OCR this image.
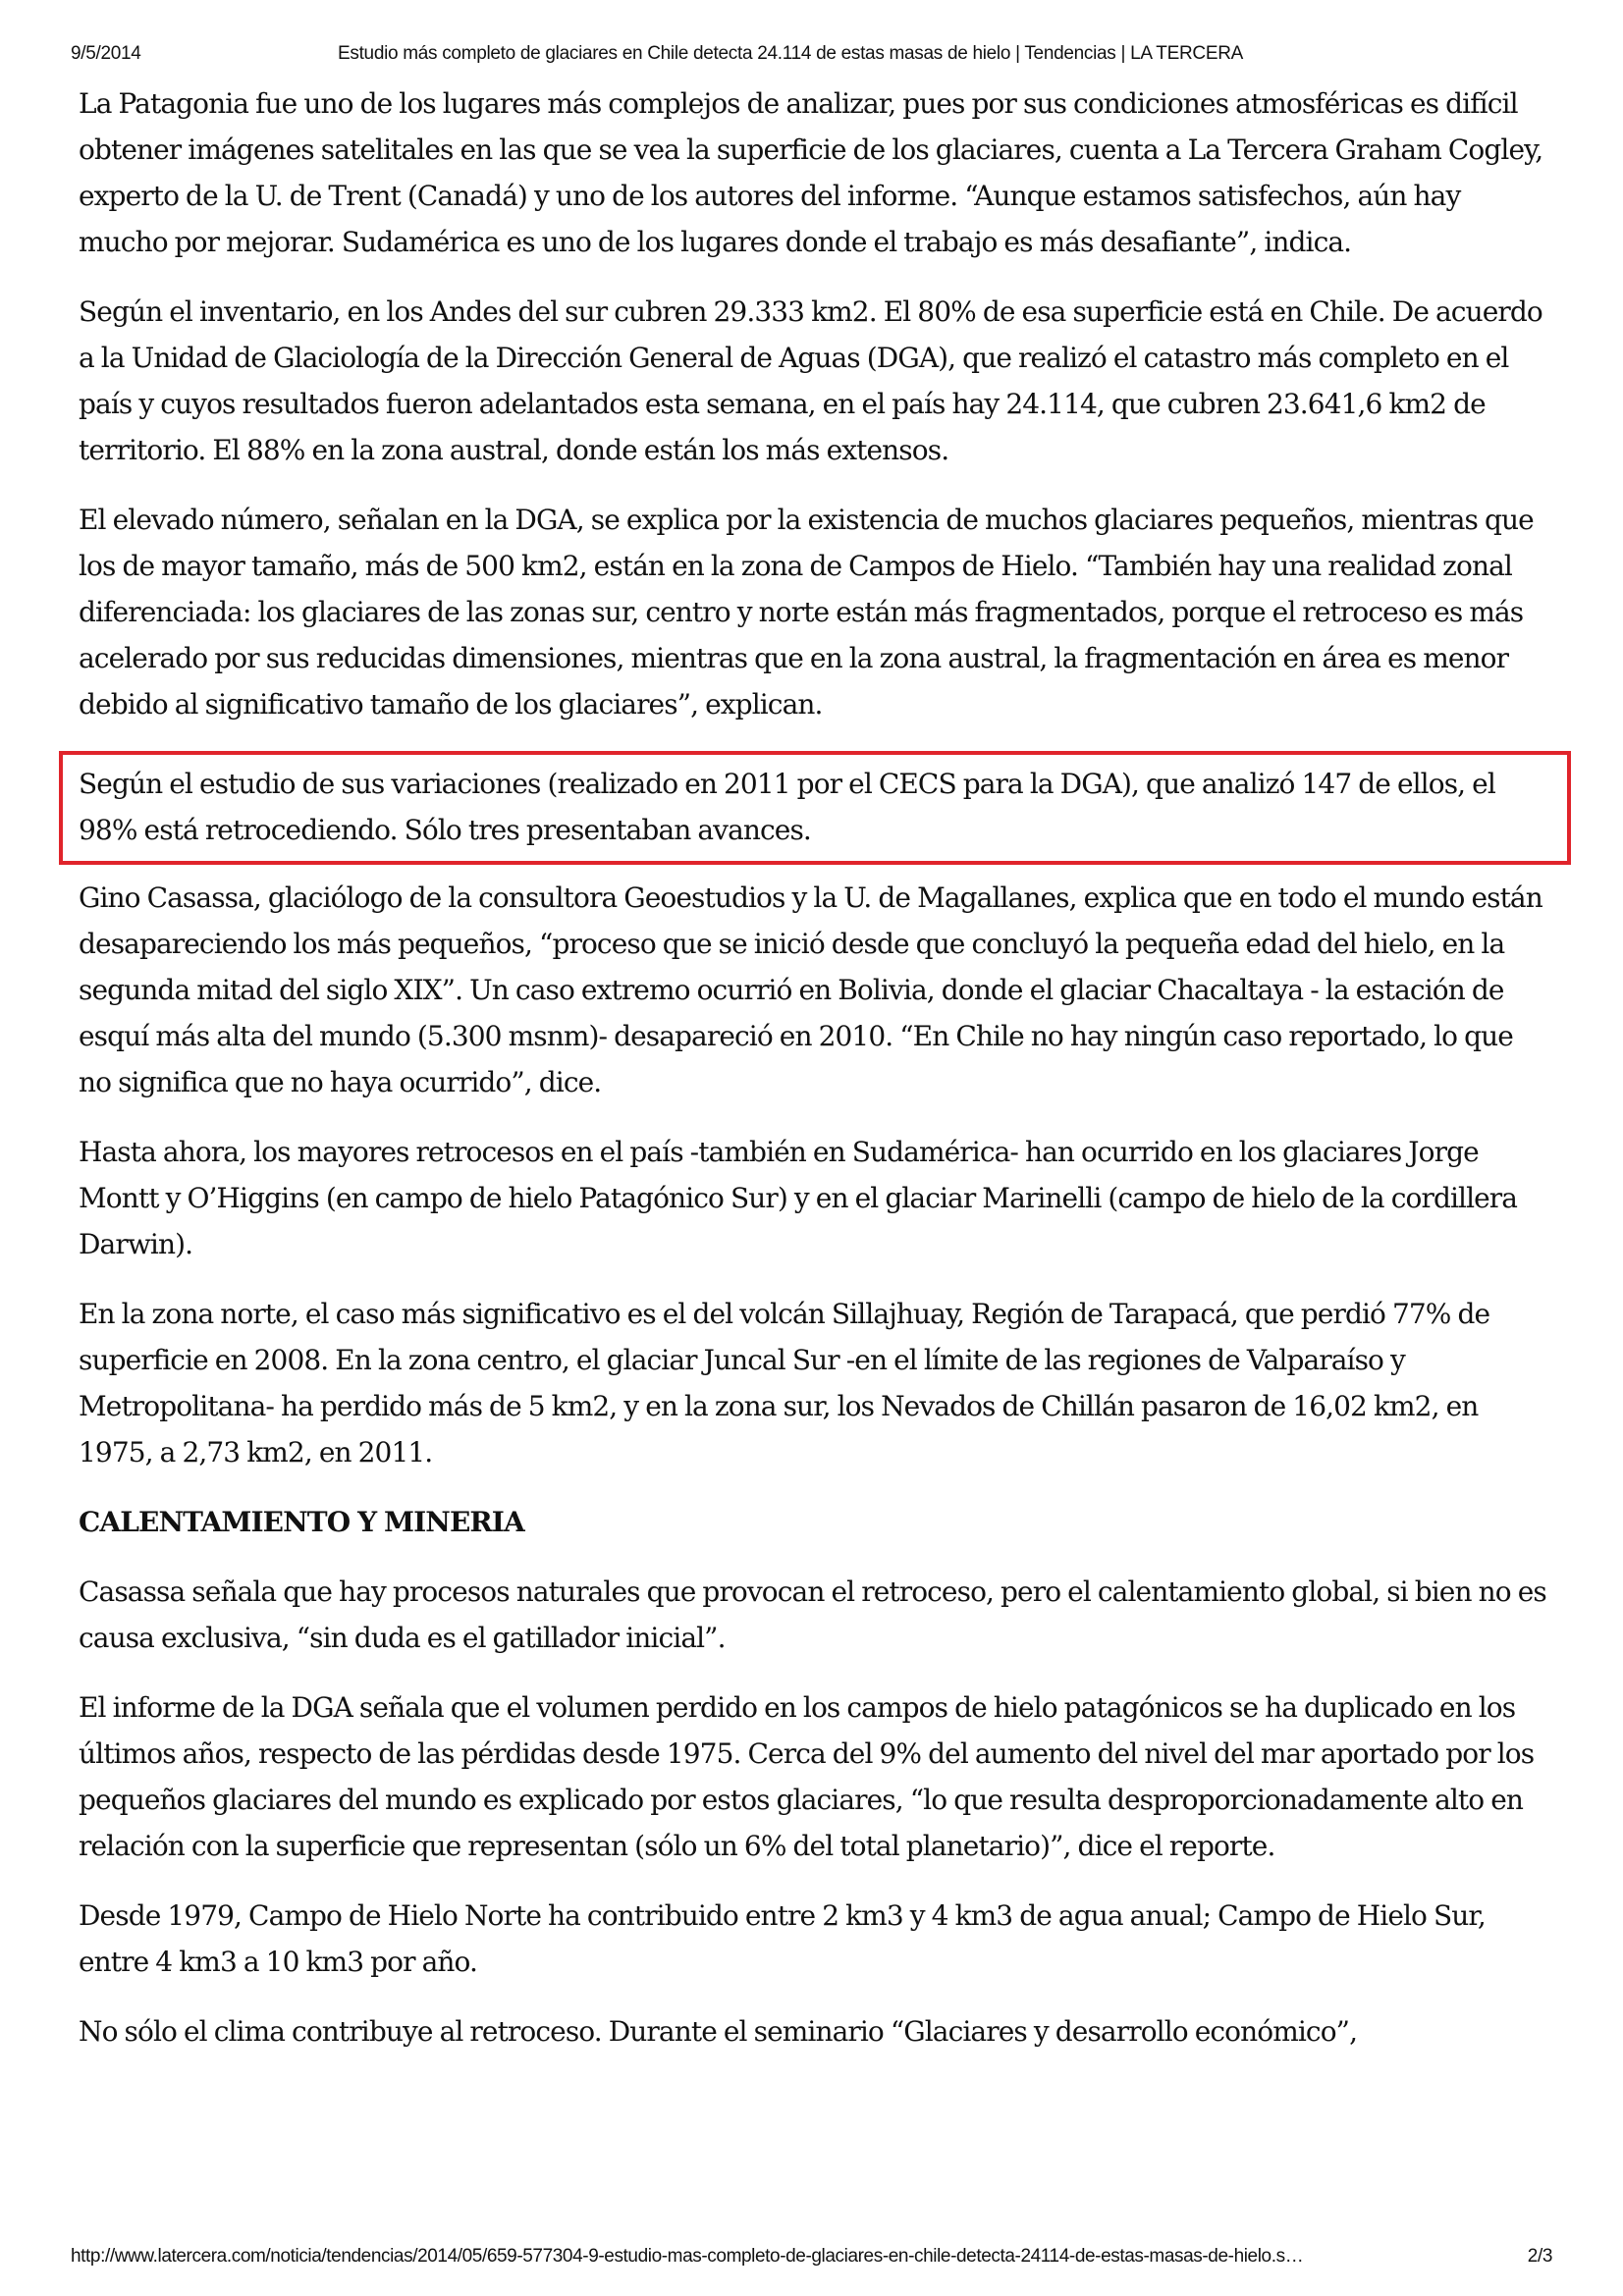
9/5/2014	Estudio más completo de glaciares en Chile detecta 24.114 de estas masas de hielo | Tendencias | LA TERCERA

La Patagonia fue uno de los lugares más complejos de analizar, pues por sus condiciones atmosféricas es difícil obtener imágenes satelitales en las que se vea la superficie de los glaciares, cuenta a La Tercera Graham Cogley, experto de la U. de Trent (Canadá) y uno de los autores del informe. “Aunque estamos satisfechos, aún hay mucho por mejorar. Sudamérica es uno de los lugares donde el trabajo es más desafiante”, indica.

Según el inventario, en los Andes del sur cubren 29.333 km2. El 80% de esa superficie está en Chile. De acuerdo a la Unidad de Glaciología de la Dirección General de Aguas (DGA), que realizó el catastro más completo en el país y cuyos resultados fueron adelantados esta semana, en el país hay 24.114, que cubren 23.641,6 km2 de territorio. El 88% en la zona austral, donde están los más extensos.

El elevado número, señalan en la DGA, se explica por la existencia de muchos glaciares pequeños, mientras que los de mayor tamaño, más de 500 km2, están en la zona de Campos de Hielo. “También hay una realidad zonal diferenciada: los glaciares de las zonas sur, centro y norte están más fragmentados, porque el retroceso es más acelerado por sus reducidas dimensiones, mientras que en la zona austral, la fragmentación en área es menor debido al significativo tamaño de los glaciares”, explican.

Según el estudio de sus variaciones (realizado en 2011 por el CECS para la DGA), que analizó 147 de ellos, el 98% está retrocediendo. Sólo tres presentaban avances.

Gino Casassa, glaciólogo de la consultora Geoestudios y la U. de Magallanes, explica que en todo el mundo están desapareciendo los más pequeños, “proceso que se inició desde que concluyó la pequeña edad del hielo, en la segunda mitad del siglo XIX”. Un caso extremo ocurrió en Bolivia, donde el glaciar Chacaltaya - la estación de esquí más alta del mundo (5.300 msnm)- desapareció en 2010. “En Chile no hay ningún caso reportado, lo que no significa que no haya ocurrido”, dice.

Hasta ahora, los mayores retrocesos en el país -también en Sudamérica- han ocurrido en los glaciares Jorge Montt y O’Higgins (en campo de hielo Patagónico Sur) y en el glaciar Marinelli (campo de hielo de la cordillera Darwin).

En la zona norte, el caso más significativo es el del volcán Sillajhuay, Región de Tarapacá, que perdió 77% de superficie en 2008. En la zona centro, el glaciar Juncal Sur -en el límite de las regiones de Valparaíso y Metropolitana- ha perdido más de 5 km2, y en la zona sur, los Nevados de Chillán pasaron de 16,02 km2, en 1975, a 2,73 km2, en 2011.

CALENTAMIENTO Y MINERIA

Casassa señala que hay procesos naturales que provocan el retroceso, pero el calentamiento global, si bien no es causa exclusiva, “sin duda es el gatillador inicial”.

El informe de la DGA señala que el volumen perdido en los campos de hielo patagónicos se ha duplicado en los últimos años, respecto de las pérdidas desde 1975. Cerca del 9% del aumento del nivel del mar aportado por los pequeños glaciares del mundo es explicado por estos glaciares, “lo que resulta desproporcionadamente alto en relación con la superficie que representan (sólo un 6% del total planetario)”, dice el reporte.

Desde 1979, Campo de Hielo Norte ha contribuido entre 2 km3 y 4 km3 de agua anual; Campo de Hielo Sur, entre 4 km3 a 10 km3 por año.

No sólo el clima contribuye al retroceso. Durante el seminario “Glaciares y desarrollo económico”,

http://www.latercera.com/noticia/tendencias/2014/05/659-577304-9-estudio-mas-completo-de-glaciares-en-chile-detecta-24114-de-estas-masas-de-hielo.s…	2/3
